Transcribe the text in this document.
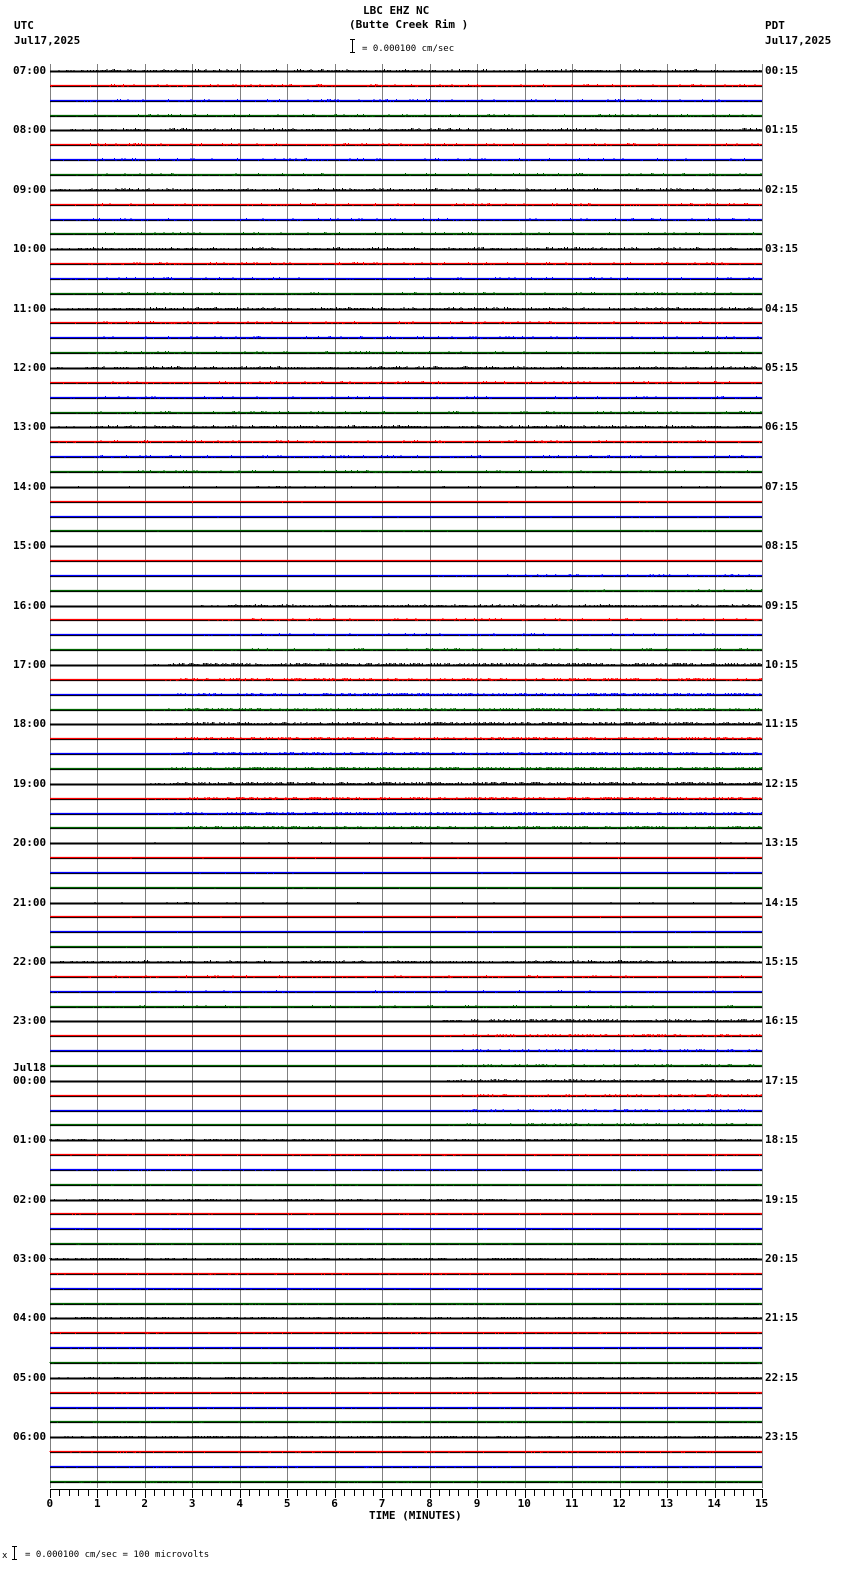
LBC EHZ NC
(Butte Creek Rim )
= 0.000100 cm/sec
UTC
Jul17,2025
PDT
Jul17,2025
07:00
08:00
09:00
10:00
11:00
12:00
13:00
14:00
15:00
16:00
17:00
18:00
19:00
20:00
21:00
22:00
23:00
00:00
Jul18
01:00
02:00
03:00
04:00
05:00
06:00
00:15
01:15
02:15
03:15
04:15
05:15
06:15
07:15
08:15
09:15
10:15
11:15
12:15
13:15
14:15
15:15
16:15
17:15
18:15
19:15
20:15
21:15
22:15
23:15
0	1	2	3	4	5	6	7	8	9	10	11	12	13	14	15
TIME (MINUTES)
x = 0.000100 cm/sec = 100 microvolts
